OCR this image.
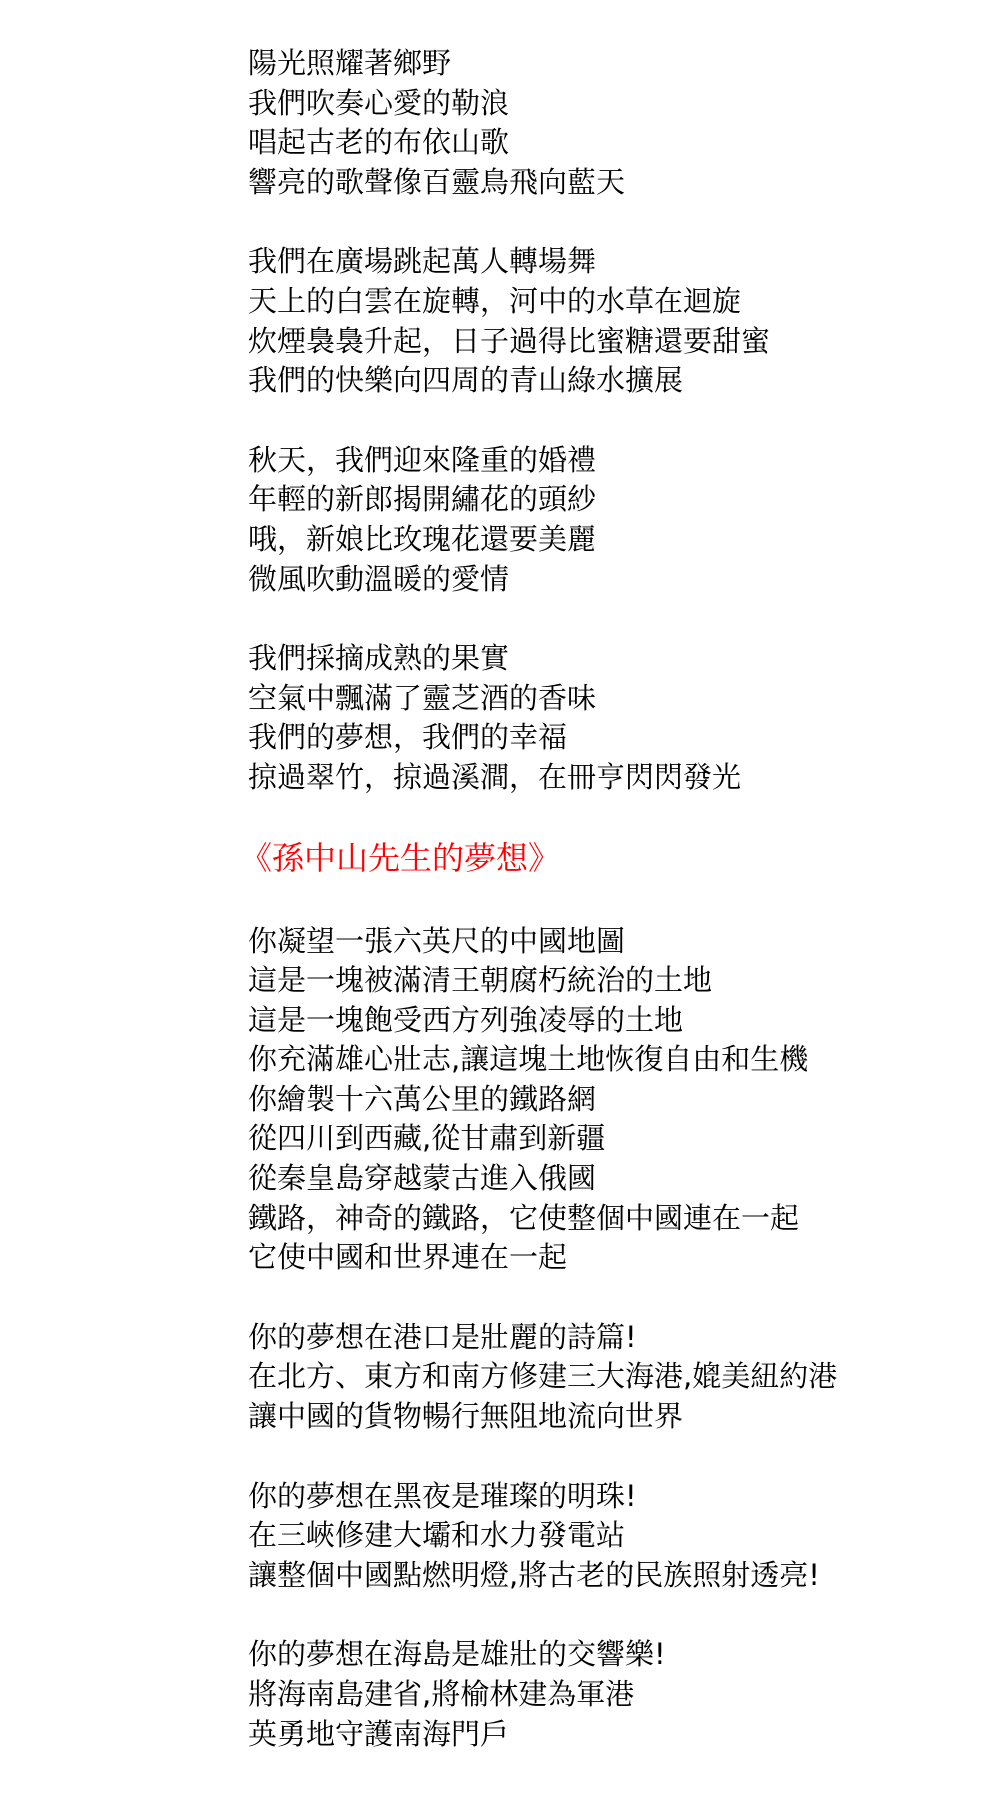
陽光照耀著鄉野
我們吹奏心愛的勒浪
唱起古老的布依山歌
響亮的歌聲像百靈鳥飛向藍天
我們在廣場跳起萬人轉場舞
天上的白雲在旋轉，河中的水草在迴旋
炊煙裊裊升起，日子過得比蜜糖還要甜蜜
我們的快樂向四周的青山綠水擴展
秋天，我們迎來隆重的婚禮
年輕的新郎揭開繡花的頭紗
哦，新娘比玫瑰花還要美麗
微風吹動溫暖的愛情
我們採摘成熟的果實
空氣中飄滿了靈芝酒的香味
我們的夢想，我們的幸福
掠過翠竹，掠過溪澗，在冊亨閃閃發光
《孫中山先生的夢想》
你凝望一張六英尺的中國地圖
這是一塊被滿清王朝腐朽統治的土地
這是一塊飽受西方列強凌辱的土地
你充滿雄心壯志,讓這塊土地恢復自由和生機
你繪製十六萬公里的鐵路網
從四川到西藏,從甘肅到新疆
從秦皇島穿越蒙古進入俄國
鐵路，神奇的鐵路，它使整個中國連在一起
它使中國和世界連在一起
你的夢想在港口是壯麗的詩篇!
在北方、東方和南方修建三大海港,媲美紐約港
讓中國的貨物暢行無阻地流向世界
你的夢想在黑夜是璀璨的明珠!
在三峽修建大壩和水力發電站
讓整個中國點燃明燈,將古老的民族照射透亮!
你的夢想在海島是雄壯的交響樂!
將海南島建省,將榆林建為軍港
英勇地守護南海門戶
